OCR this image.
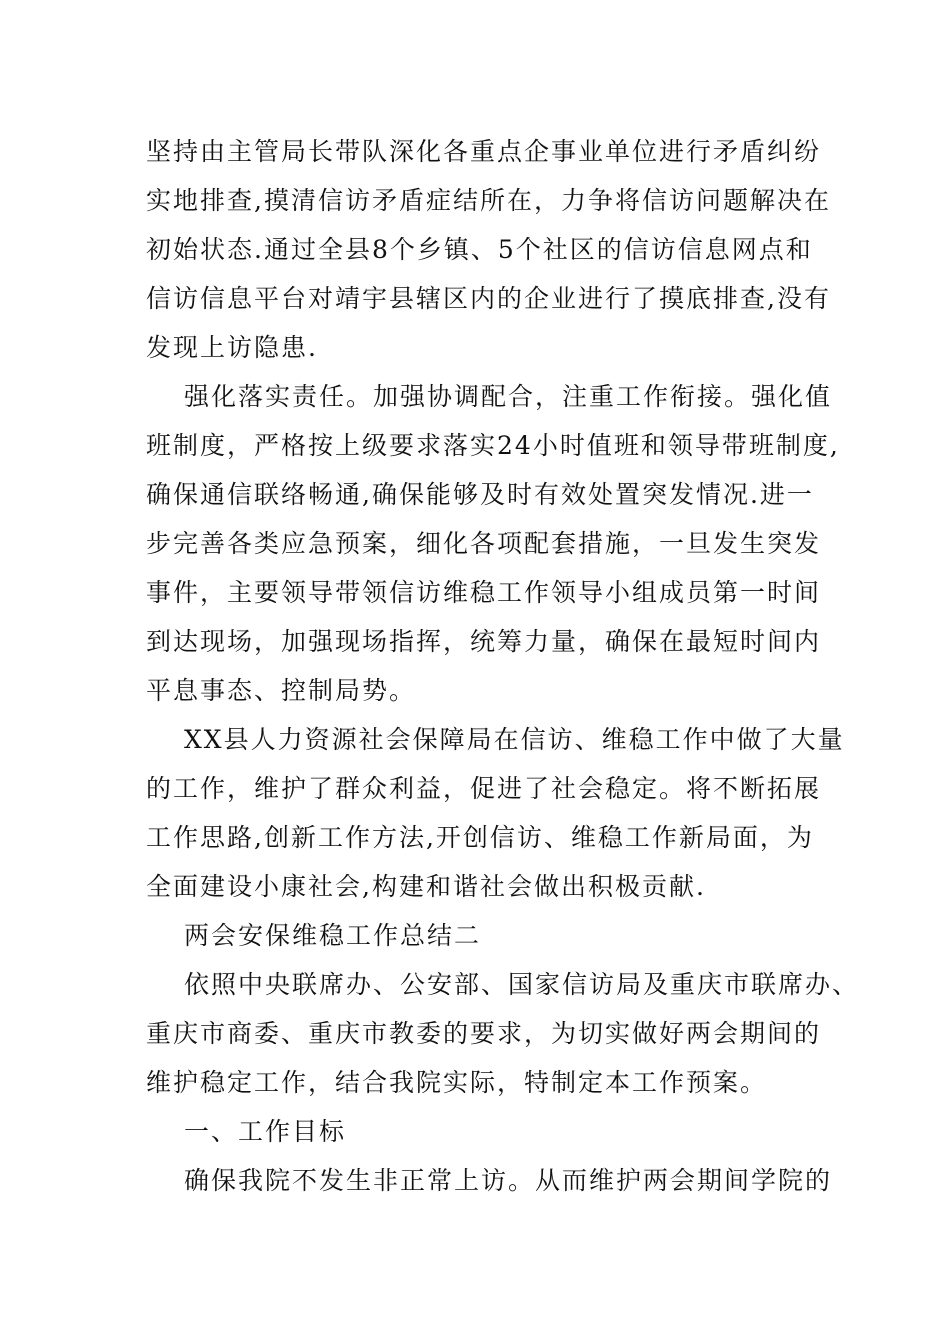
坚持由主管局长带队深化各重点企事业单位进行矛盾纠纷
实地排查,摸清信访矛盾症结所在，力争将信访问题解决在
初始状态.通过全县8个乡镇、5个社区的信访信息网点和
信访信息平台对靖宇县辖区内的企业进行了摸底排查,没有
发现上访隐患.
强化落实责任。加强协调配合，注重工作衔接。强化值
班制度，严格按上级要求落实24小时值班和领导带班制度,
确保通信联络畅通,确保能够及时有效处置突发情况.进一
步完善各类应急预案，细化各项配套措施，一旦发生突发
事件，主要领导带领信访维稳工作领导小组成员第一时间
到达现场，加强现场指挥，统筹力量，确保在最短时间内
平息事态、控制局势。
XX县人力资源社会保障局在信访、维稳工作中做了大量
的工作，维护了群众利益，促进了社会稳定。将不断拓展
工作思路,创新工作方法,开创信访、维稳工作新局面，为
全面建设小康社会,构建和谐社会做出积极贡献.
两会安保维稳工作总结二
依照中央联席办、公安部、国家信访局及重庆市联席办、
重庆市商委、重庆市教委的要求，为切实做好两会期间的
维护稳定工作，结合我院实际，特制定本工作预案。
一、工作目标
确保我院不发生非正常上访。从而维护两会期间学院的
